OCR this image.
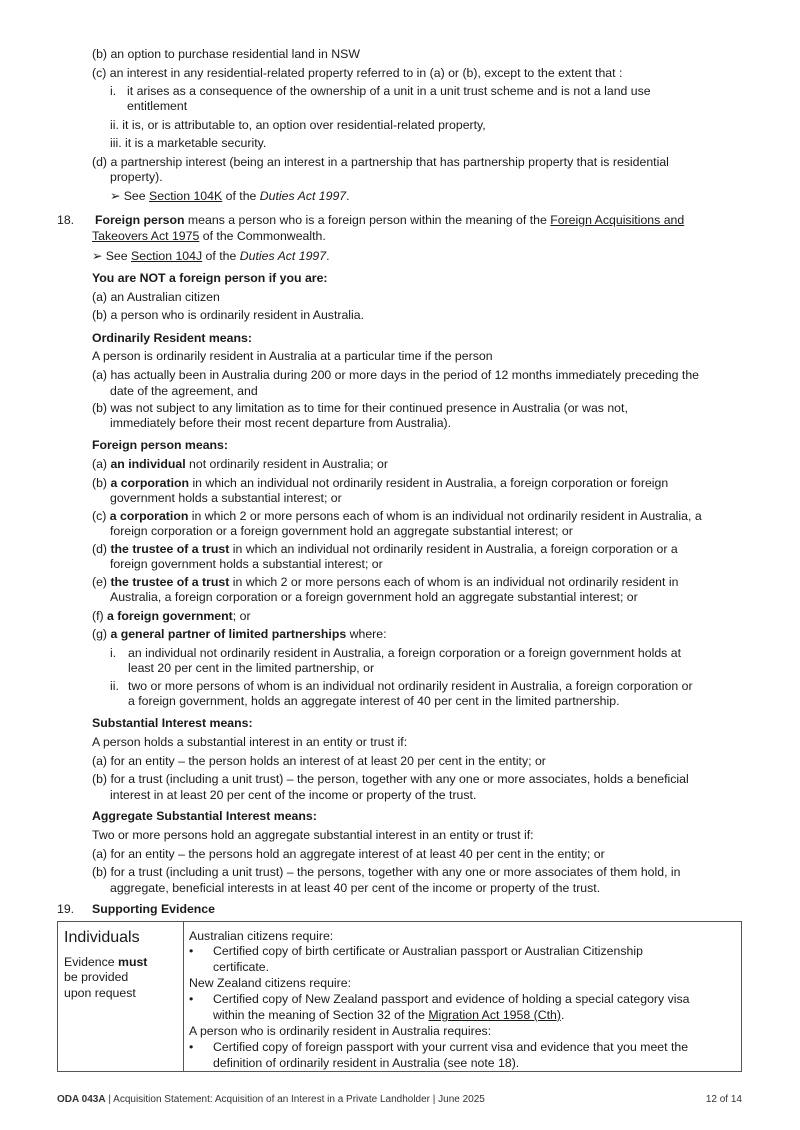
(b) an option to purchase residential land in NSW
(c) an interest in any residential-related property referred to in (a) or (b), except to the extent that :
i. it arises as a consequence of the ownership of a unit in a unit trust scheme and is not a land use
entitlement
ii. it is, or is attributable to, an option over residential-related property,
iii. it is a marketable security.
(d) a partnership interest (being an interest in a partnership that has partnership property that is residential
property).
➢ See Section 104K of the Duties Act 1997.
18. Foreign person means a person who is a foreign person within the meaning of the Foreign Acquisitions and
Takeovers Act 1975 of the Commonwealth.
➢ See Section 104J of the Duties Act 1997.
You are NOT a foreign person if you are:
(a) an Australian citizen
(b) a person who is ordinarily resident in Australia.
Ordinarily Resident means:
A person is ordinarily resident in Australia at a particular time if the person
(a) has actually been in Australia during 200 or more days in the period of 12 months immediately preceding the
date of the agreement, and
(b) was not subject to any limitation as to time for their continued presence in Australia (or was not,
immediately before their most recent departure from Australia).
Foreign person means:
(a) an individual not ordinarily resident in Australia; or
(b) a corporation in which an individual not ordinarily resident in Australia, a foreign corporation or foreign
government holds a substantial interest; or
(c) a corporation in which 2 or more persons each of whom is an individual not ordinarily resident in Australia, a
foreign corporation or a foreign government hold an aggregate substantial interest; or
(d) the trustee of a trust in which an individual not ordinarily resident in Australia, a foreign corporation or a
foreign government holds a substantial interest; or
(e) the trustee of a trust in which 2 or more persons each of whom is an individual not ordinarily resident in
Australia, a foreign corporation or a foreign government hold an aggregate substantial interest; or
(f) a foreign government; or
(g) a general partner of limited partnerships where:
i. an individual not ordinarily resident in Australia, a foreign corporation or a foreign government holds at
least 20 per cent in the limited partnership, or
ii. two or more persons of whom is an individual not ordinarily resident in Australia, a foreign corporation or
a foreign government, holds an aggregate interest of 40 per cent in the limited partnership.
Substantial Interest means:
A person holds a substantial interest in an entity or trust if:
(a) for an entity – the person holds an interest of at least 20 per cent in the entity; or
(b) for a trust (including a unit trust) – the person, together with any one or more associates, holds a beneficial
interest in at least 20 per cent of the income or property of the trust.
Aggregate Substantial Interest means:
Two or more persons hold an aggregate substantial interest in an entity or trust if:
(a) for an entity – the persons hold an aggregate interest of at least 40 per cent in the entity; or
(b) for a trust (including a unit trust) – the persons, together with any one or more associates of them hold, in
aggregate, beneficial interests in at least 40 per cent of the income or property of the trust.
19. Supporting Evidence
Individuals
Evidence must
be provided
upon request
Australian citizens require:
• Certified copy of birth certificate or Australian passport or Australian Citizenship
certificate.
New Zealand citizens require:
• Certified copy of New Zealand passport and evidence of holding a special category visa
within the meaning of Section 32 of the Migration Act 1958 (Cth).
A person who is ordinarily resident in Australia requires:
• Certified copy of foreign passport with your current visa and evidence that you meet the
definition of ordinarily resident in Australia (see note 18).
ODA 043A | Acquisition Statement: Acquisition of an Interest in a Private Landholder | June 2025	12 of 14
